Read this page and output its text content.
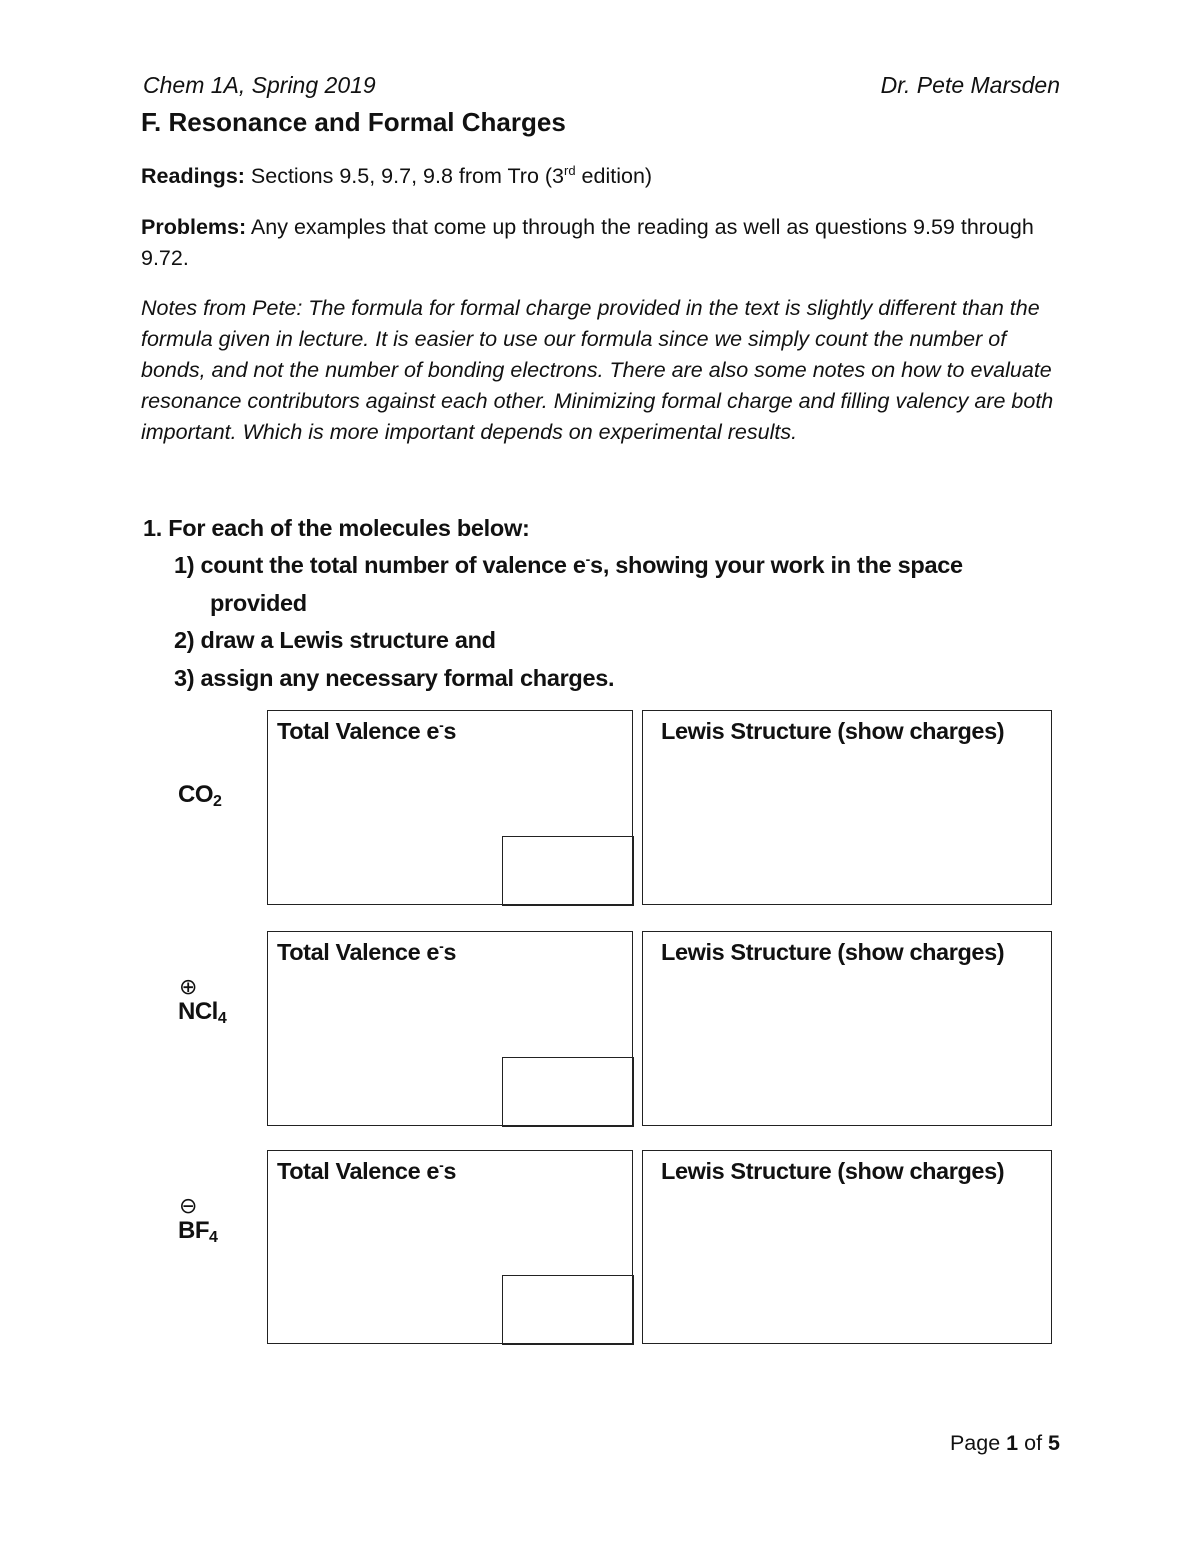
Chem 1A, Spring 2019	Dr. Pete Marsden
F. Resonance and Formal Charges
Readings: Sections 9.5, 9.7, 9.8 from Tro (3rd edition)
Problems: Any examples that come up through the reading as well as questions 9.59 through 9.72.
Notes from Pete: The formula for formal charge provided in the text is slightly different than the formula given in lecture. It is easier to use our formula since we simply count the number of bonds, and not the number of bonding electrons. There are also some notes on how to evaluate resonance contributors against each other. Minimizing formal charge and filling valency are both important. Which is more important depends on experimental results.
1. For each of the molecules below:
1) count the total number of valence e-s, showing your work in the space provided
2) draw a Lewis structure and
3) assign any necessary formal charges.
$CO_2$
Total Valence e-s	Lewis Structure (show charges)
⊕
NCl$_4$
Total Valence e-s	Lewis Structure (show charges)
⊖
$BF_4$
Total Valence e-s	Lewis Structure (show charges)
Page 1 of 5
